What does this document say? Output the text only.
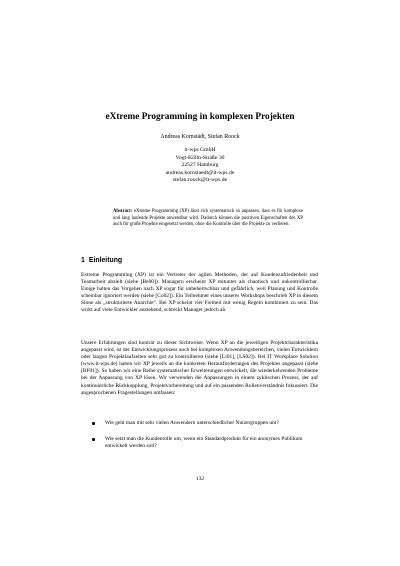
eXtreme Programming in komplexen Projekten
Andreas Kornstädt, Stefan Roock
it-wps GmbH
Vogt-Kölln-Straße 30
22527 Hamburg
andreas.kornstaedt@it-wps.de
stefan.roock@it-wps.de
Abstract: eXtreme Programming (XP) lässt sich systematisch so anpassen, dass es für komplexe und lang laufende Projekte anwendbar wird. Dadurch können die positiven Eigenschaften des XP auch für große Projekte eingesetzt werden, ohne die Kontrolle über die Projekte zu verlieren.
1 Einleitung
Extreme Programming (XP) ist ein Vertreter der agilen Methoden, der auf Kundenzufriedenheit und Teamarbeit abzielt (siehe [Be00]). Managern erscheint XP mitunter als chaotisch und unkontrollierbar. Einige halten das Vorgehen nach XP sogar für unbeherrschbar und gefährlich, weil Planung und Kontrolle scheinbar ignoriert werden (siehe [Co02]). Ein Teilnehmer eines unserer Workshops beschrieb XP in diesem Sinne als „strukturierte Anarchie". Bei XP scheint viel Freiheit mit wenig Regeln kombiniert zu sein. Das wirkt auf viele Entwickler anziehend, schreckt Manager jedoch ab.
Unsere Erfahrungen sind konträr zu dieser Sichtweise. Wenn XP an die jeweiligen Projektcharakteristika angepasst wird, ist der Entwicklungsprozess auch bei komplexen Anwendungsbereichen, vielen Entwicklern oder langen Projektlaufzeiten sehr gut zu kontrollieren (siehe [Li01], [LS02]). Bei IT Workplace Solution (www.it-wps.de) haben wir XP jeweils an die konkreten Herausforderungen des Projektes angepasst (siehe [BF01]). So haben wir eine Reihe systematischer Erweiterungen entwickelt, die wiederkehrenden Probleme bei der Anpassung von XP lösen. Wir verwenden die Anpassungen in einem zyklischen Prozess, der auf kontinuierliche Rückkopplung, Projektvorbereitung und auf ein passenden Rollenverständnis fokussiert. Die angesprochenen Fragestellungen umfassen:
Wie geht man mit sehr vielen Anwendern unterschiedlicher Nutzergruppen um?
Wie setzt man die Kundenrolle um, wenn ein Standardprodukt für ein anonymes Publikum entwickelt werden soll?
132
